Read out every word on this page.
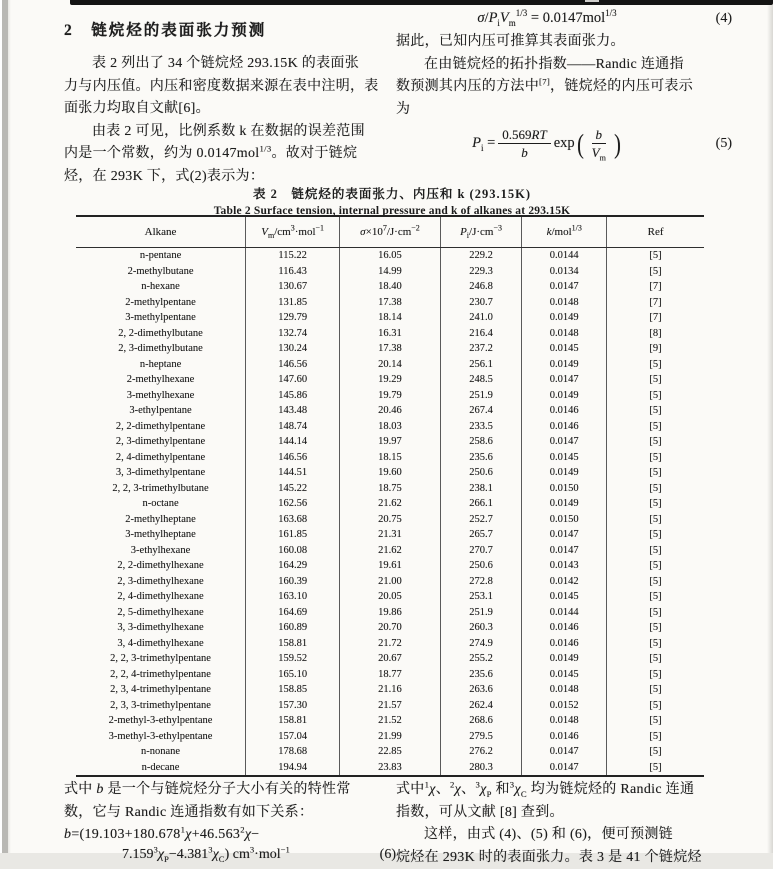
2　链烷烃的表面张力预测

表 2 列出了 34 个链烷烃 293.15K 的表面张

力与内压值。内压和密度数据来源在表中注明，表

面张力均取自文献[6]。

由表 2 可见，比例系数 k 在数据的误差范围

内是一个常数，约为 0.0147mol$^{1/3}$。故对于链烷

烃，在 293K 下，式(2)表示为：

$\sigma/P_iV_m^{1/3} = 0.0147mol^{1/3}$	(4)

据此，已知内压可推算其表面张力。

在由链烷烃的拓扑指数——Randic 连通指

数预测其内压的方法中[7]，链烷烃的内压可表示

为

$P_i = \frac{0.569RT}{b}$ exp ( $\frac{b}{V_m}$ )	(5)
表 2　链烷烃的表面张力、内压和 k (293.15K)
Table 2 Surface tension, internal pressure and k of alkanes at 293.15K
Alkane	$V_m/cm^3\cdot mol^{-1}$	$\sigma\times 10^7/J\cdot cm^{-2}$	$P_i/J\cdot cm^{-3}$	k/mol$^{1/3}$	Ref
n-pentane	115.22	16.05	229.2	0.0144	[5]
2-methylbutane	116.43	14.99	229.3	0.0134	[5]
n-hexane	130.67	18.40	246.8	0.0147	[7]
2-methylpentane	131.85	17.38	230.7	0.0148	[7]
3-methylpentane	129.79	18.14	241.0	0.0149	[7]
2, 2-dimethylbutane	132.74	16.31	216.4	0.0148	[8]
2, 3-dimethylbutane	130.24	17.38	237.2	0.0145	[9]
n-heptane	146.56	20.14	256.1	0.0149	[5]
2-methylhexane	147.60	19.29	248.5	0.0147	[5]
3-methylhexane	145.86	19.79	251.9	0.0149	[5]
3-ethylpentane	143.48	20.46	267.4	0.0146	[5]
2, 2-dimethylpentane	148.74	18.03	233.5	0.0146	[5]
2, 3-dimethylpentane	144.14	19.97	258.6	0.0147	[5]
2, 4-dimethylpentane	146.56	18.15	235.6	0.0145	[5]
3, 3-dimethylpentane	144.51	19.60	250.6	0.0149	[5]
2, 2, 3-trimethylbutane	145.22	18.75	238.1	0.0150	[5]
n-octane	162.56	21.62	266.1	0.0149	[5]
2-methylheptane	163.68	20.75	252.7	0.0150	[5]
3-methylheptane	161.85	21.31	265.7	0.0147	[5]
3-ethylhexane	160.08	21.62	270.7	0.0147	[5]
2, 2-dimethylhexane	164.29	19.61	250.6	0.0143	[5]
2, 3-dimethylhexane	160.39	21.00	272.8	0.0142	[5]
2, 4-dimethylhexane	163.10	20.05	253.1	0.0145	[5]
2, 5-dimethylhexane	164.69	19.86	251.9	0.0144	[5]
3, 3-dimethylhexane	160.89	20.70	260.3	0.0146	[5]
3, 4-dimethylhexane	158.81	21.72	274.9	0.0146	[5]
2, 2, 3-trimethylpentane	159.52	20.67	255.2	0.0149	[5]
2, 2, 4-trimethylpentane	165.10	18.77	235.6	0.0145	[5]
2, 3, 4-trimethylpentane	158.85	21.16	263.6	0.0148	[5]
2, 3, 3-trimethylpentane	157.30	21.57	262.4	0.0152	[5]
2-methyl-3-ethylpentane	158.81	21.52	268.6	0.0148	[5]
3-methyl-3-ethylpentane	157.04	21.99	279.5	0.0146	[5]
n-nonane	178.68	22.85	276.2	0.0147	[5]
n-decane	194.94	23.83	280.3	0.0147	[5]

式中 b 是一个与链烷烃分子大小有关的特性常

数，它与 Randic 连通指数有如下关系：

$b=(19.103+180.678^1\chi+46.563^2\chi-$

$7.159^3\chi_P-4.381^3\chi_C$) $cm^3\cdot mol^{-1}$	(6)

式中$^1$χ、$^2$χ、$^3\chi_P$ 和$^3\chi_C$ 均为链烷烃的 Randic 连通

指数，可从文献 [8] 查到。

这样，由式 (4)、(5) 和 (6)，便可预测链

烷烃在 293K 时的表面张力。表 3 是 41 个链烷烃
